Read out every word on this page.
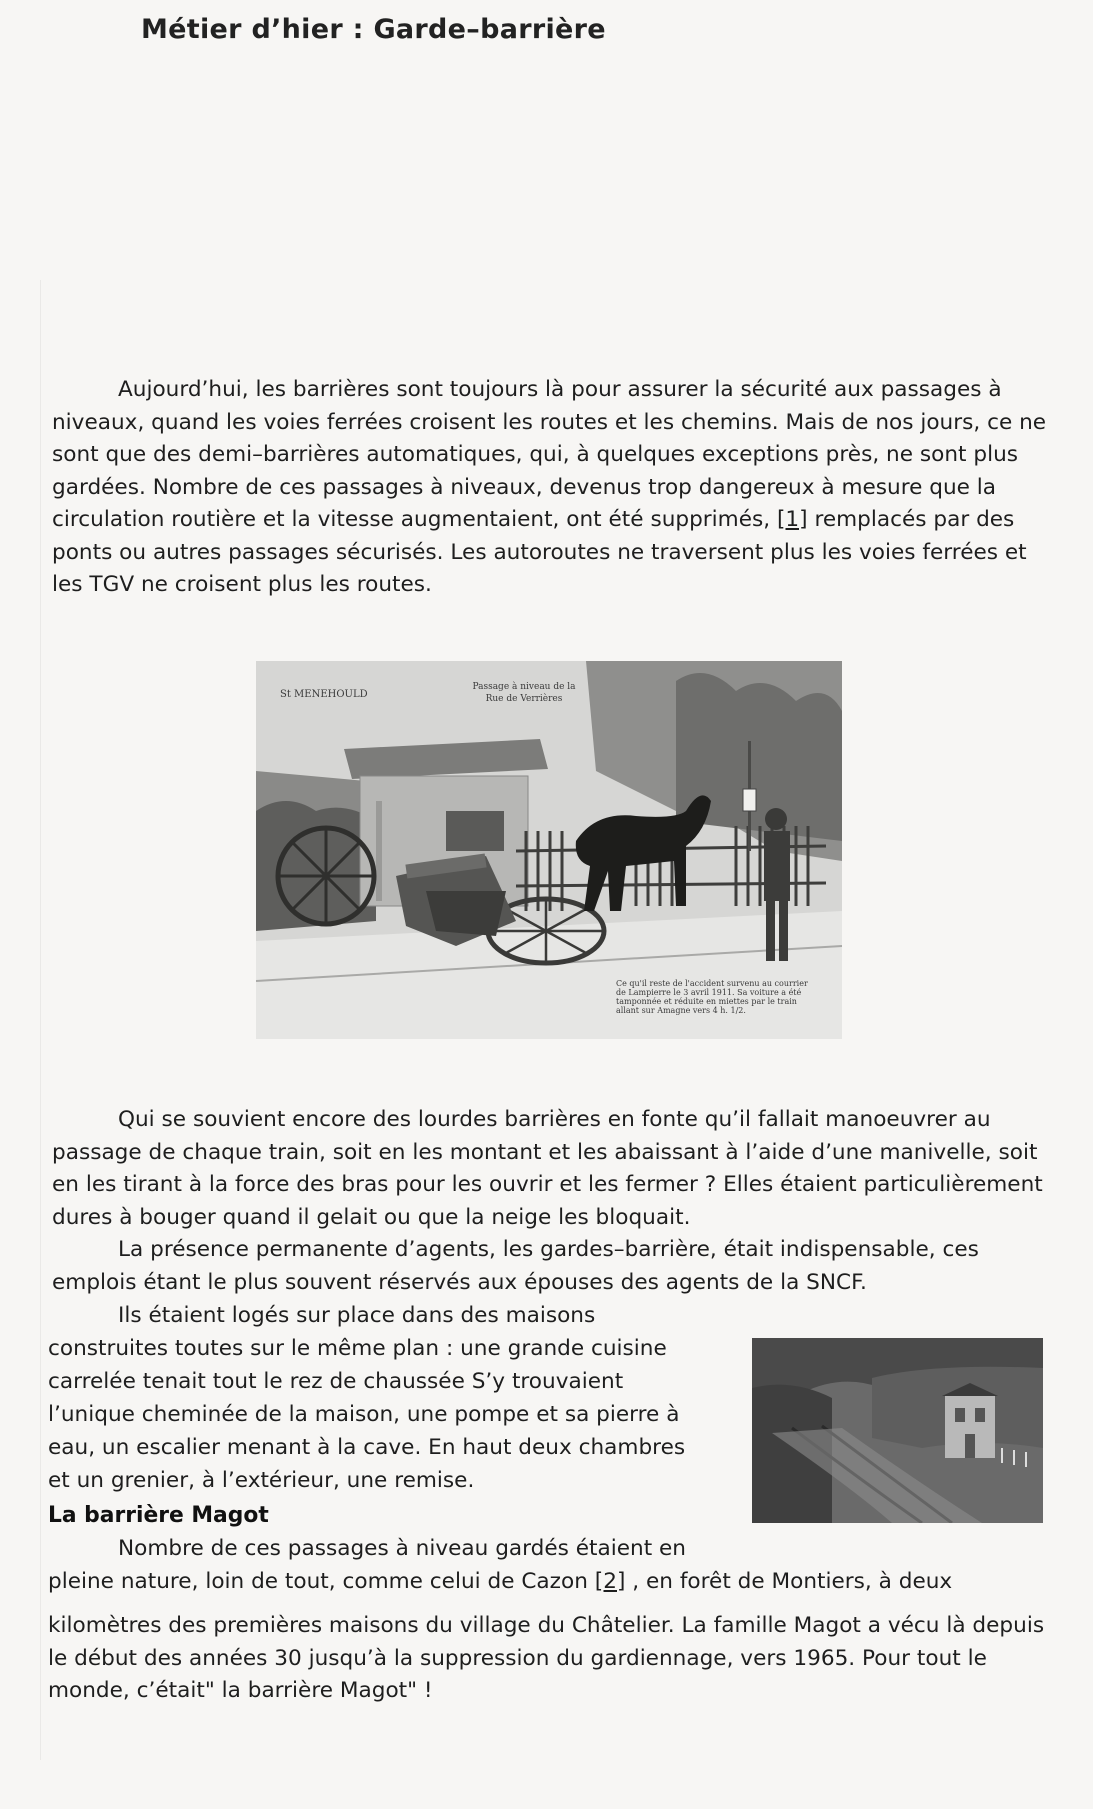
Métier d’hier : Garde–barrière

Aujourd’hui, les barrières sont toujours là pour assurer la sécurité aux passages à niveaux, quand les voies ferrées croisent les routes et les chemins. Mais de nos jours, ce ne sont que des demi–barrières automatiques, qui, à quelques exceptions près, ne sont plus gardées. Nombre de ces passages à niveaux, devenus trop dangereux à mesure que la circulation routière et la vitesse augmentaient, ont été supprimés, [1] remplacés par des ponts ou autres passages sécurisés. Les autoroutes ne traversent plus les voies ferrées et les TGV ne croisent plus les routes.

St MENEHOULD
Passage à niveau de la Rue de Verrières
Ce qu'il reste de l'accident survenu au courrier de Lampierre le 3 avril 1911. Sa voiture a été tamponnée et réduite en miettes par le train allant sur Amagne vers 4 h. 1/2.

Qui se souvient encore des lourdes barrières en fonte qu’il fallait manoeuvrer au passage de chaque train, soit en les montant et les abaissant à l’aide d’une manivelle, soit en les tirant à la force des bras pour les ouvrir et les fermer ? Elles étaient particulièrement dures à bouger quand il gelait ou que la neige les bloquait.

La présence permanente d’agents, les gardes–barrière, était indispensable, ces emplois étant le plus souvent réservés aux épouses des agents de la SNCF.

Ils étaient logés sur place dans des maisons
construites toutes sur le même plan : une grande cuisine
carrelée tenait tout le rez de chaussée S’y trouvaient
l’unique cheminée de la maison, une pompe et sa pierre à
eau, un escalier menant à la cave. En haut deux chambres
et un grenier, à l’extérieur, une remise.
La barrière Magot
Nombre de ces passages à niveau gardés étaient en
pleine nature, loin de tout, comme celui de Cazon [2] , en forêt de Montiers, à deux

kilomètres des premières maisons du village du Châtelier. La famille Magot a vécu là depuis le début des années 30 jusqu’à la suppression du gardiennage, vers 1965. Pour tout le monde, c’était" la barrière Magot" !
